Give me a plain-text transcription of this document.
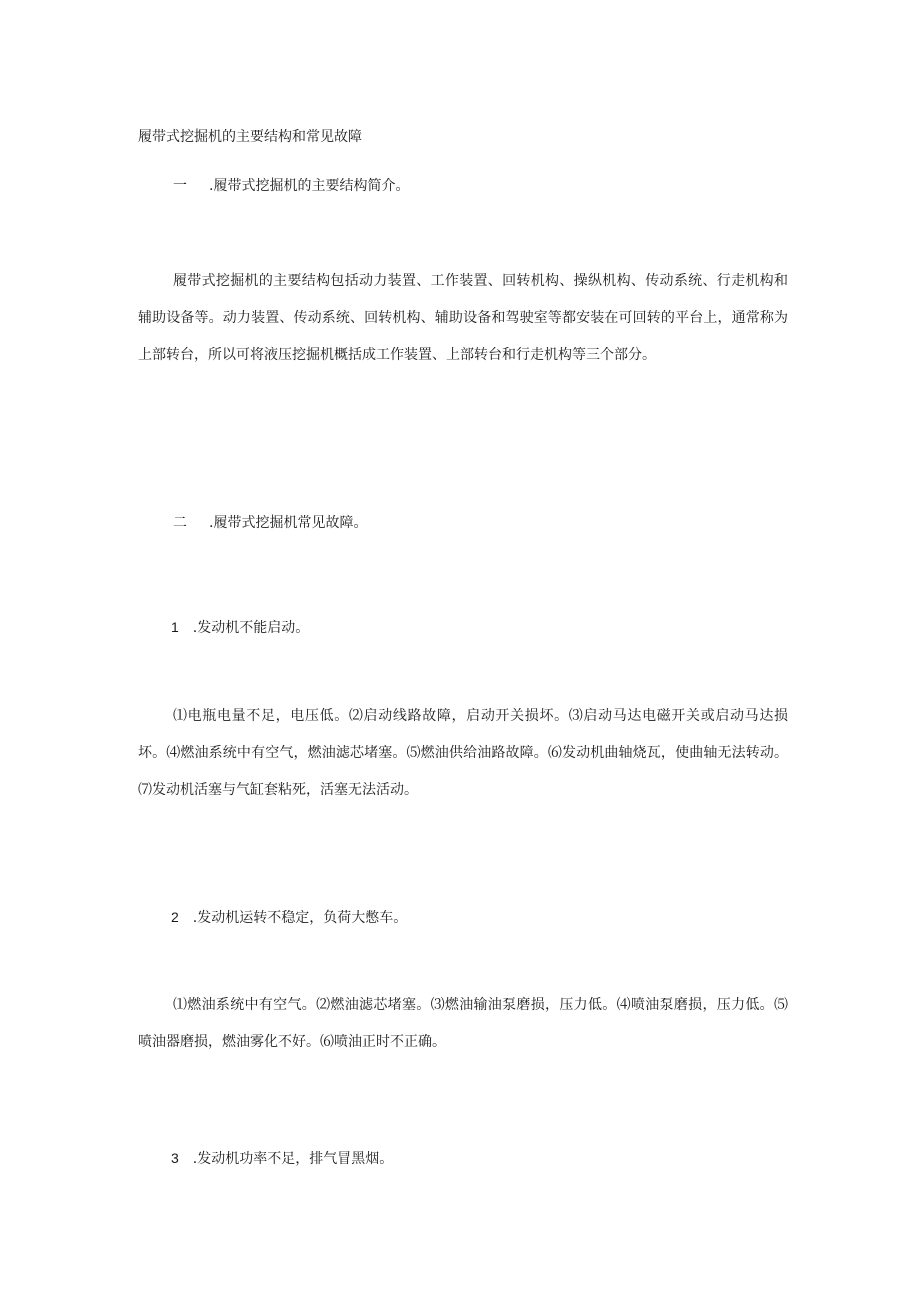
履带式挖掘机的主要结构和常见故障
一 .履带式挖掘机的主要结构简介。
履带式挖掘机的主要结构包括动力装置、工作装置、回转机构、操纵机构、传动系统、行走机构和辅助设备等。动力装置、传动系统、回转机构、辅助设备和驾驶室等都安装在可回转的平台上，通常称为上部转台，所以可将液压挖掘机概括成工作装置、上部转台和行走机构等三个部分。
二 .履带式挖掘机常见故障。
1 .发动机不能启动。
⑴电瓶电量不足，电压低。⑵启动线路故障，启动开关损坏。⑶启动马达电磁开关或启动马达损坏。⑷燃油系统中有空气，燃油滤芯堵塞。⑸燃油供给油路故障。⑹发动机曲轴烧瓦，使曲轴无法转动。⑺发动机活塞与气缸套粘死，活塞无法活动。
2 .发动机运转不稳定，负荷大憋车。
⑴燃油系统中有空气。⑵燃油滤芯堵塞。⑶燃油输油泵磨损，压力低。⑷喷油泵磨损，压力低。⑸喷油器磨损，燃油雾化不好。⑹喷油正时不正确。
3 .发动机功率不足，排气冒黑烟。
